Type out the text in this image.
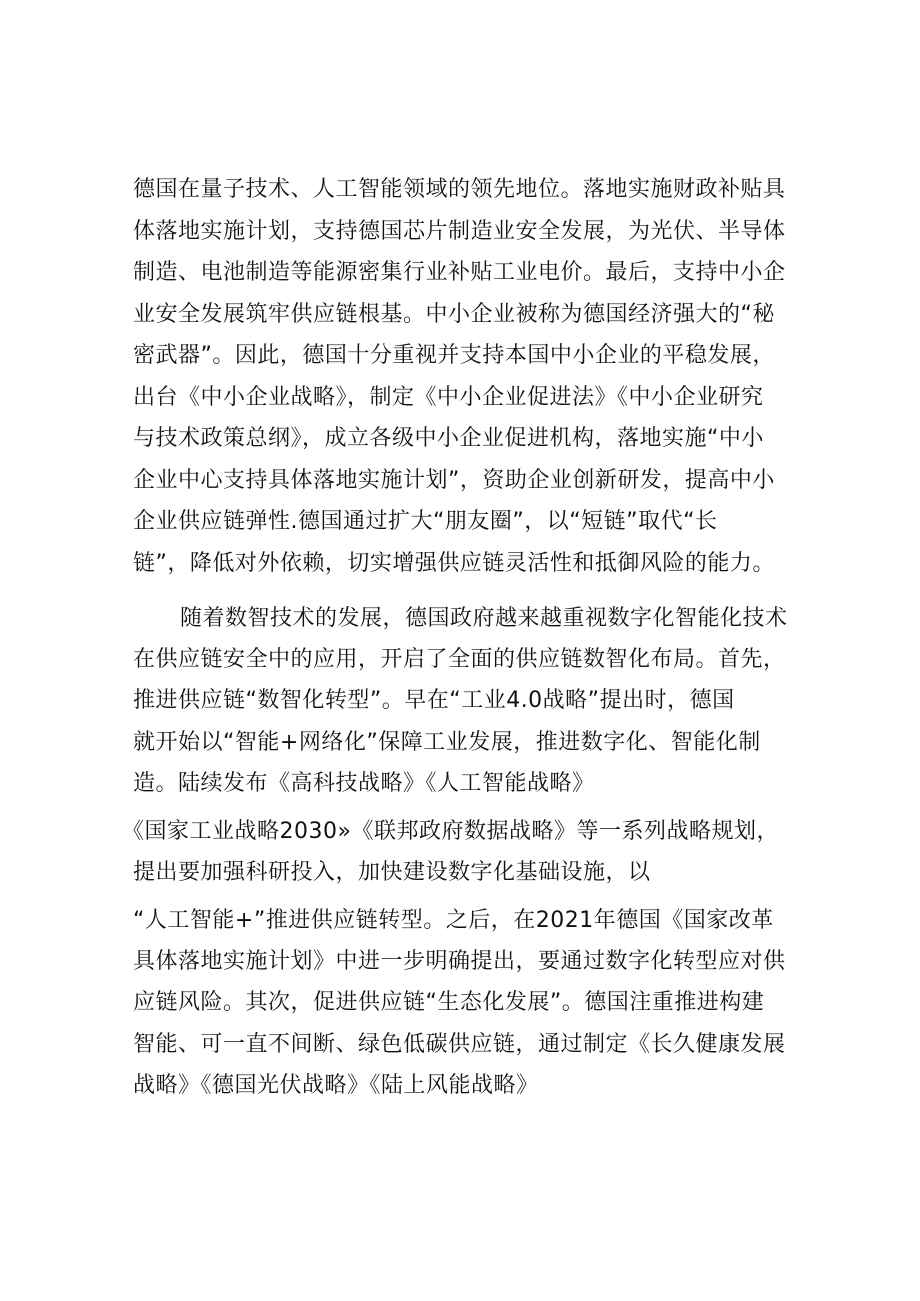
德国在量子技术、人工智能领域的领先地位。落地实施财政补贴具
体落地实施计划，支持德国芯片制造业安全发展，为光伏、半导体
制造、电池制造等能源密集行业补贴工业电价。最后，支持中小企
业安全发展筑牢供应链根基。中小企业被称为德国经济强大的“秘
密武器”。因此，德国十分重视并支持本国中小企业的平稳发展，
出台《中小企业战略》，制定《中小企业促进法》《中小企业研究
与技术政策总纲》，成立各级中小企业促进机构，落地实施“中小
企业中心支持具体落地实施计划”，资助企业创新研发，提高中小
企业供应链弹性.德国通过扩大“朋友圈”，以“短链”取代“长
链”，降低对外依赖，切实增强供应链灵活性和抵御风险的能力。
随着数智技术的发展，德国政府越来越重视数字化智能化技术
在供应链安全中的应用，开启了全面的供应链数智化布局。首先，
推进供应链“数智化转型”。早在“工业4.0战略”提出时，德国
就开始以“智能+网络化”保障工业发展，推进数字化、智能化制
造。陆续发布《高科技战略》《人工智能战略》
《国家工业战略2030»《联邦政府数据战略》等一系列战略规划，
提出要加强科研投入，加快建设数字化基础设施，以
“人工智能+”推进供应链转型。之后，在2021年德国《国家改革
具体落地实施计划》中进一步明确提出，要通过数字化转型应对供
应链风险。其次，促进供应链“生态化发展”。德国注重推进构建
智能、可一直不间断、绿色低碳供应链，通过制定《长久健康发展
战略》《德国光伏战略》《陆上风能战略》
